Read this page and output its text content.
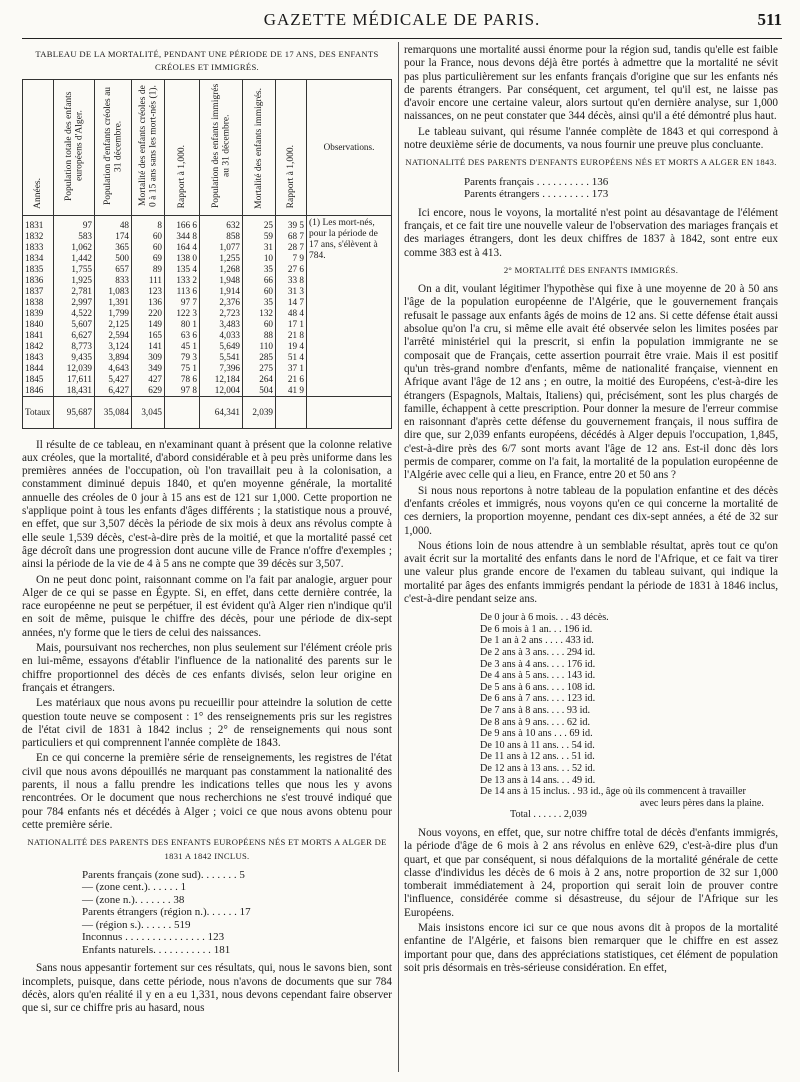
GAZETTE MÉDICALE DE PARIS.	511
TABLEAU DE LA MORTALITÉ, PENDANT UNE PÉRIODE DE 17 ANS, DES ENFANTS
CRÉOLES ET IMMIGRÉS.
Années.	Population totale des enfants européens d'Alger.	Population d'enfants créoles au 31 décembre.	Mortalité des enfants créoles de 0 à 15 ans sans les mort-nés (1).	Rapport à 1,000.	Population des enfants immigrés au 31 décembre.	Mortalité des enfants immigrés.	Rapport à 1,000.	Observations.
1831	97	48	8	166 6	632	25	39 5	(1) Les mort-nés, pour la période de 17 ans, s'élèvent à 784.
1832	583	174	60	344 8	858	59	68 7	
1833	1,062	365	60	164 4	1,077	31	28 7	
1834	1,442	500	69	138 0	1,255	10	7 9	
1835	1,755	657	89	135 4	1,268	35	27 6	
1836	1,925	833	111	133 2	1,948	66	33 8	
1837	2,781	1,083	123	113 6	1,914	60	31 3	
1838	2,997	1,391	136	97 7	2,376	35	14 7	
1839	4,522	1,799	220	122 3	2,723	132	48 4	
1840	5,607	2,125	149	80 1	3,483	60	17 1	
1841	6,627	2,594	165	63 6	4,033	88	21 8	
1842	8,773	3,124	141	45 1	5,649	110	19 4	
1843	9,435	3,894	309	79 3	5,541	285	51 4	
1844	12,039	4,643	349	75 1	7,396	275	37 1	
1845	17,611	5,427	427	78 6	12,184	264	21 6	
1846	18,431	6,427	629	97 8	12,004	504	41 9	
Totaux	95,687	35,084	3,045		64,341	2,039		

Il résulte de ce tableau, en n'examinant quant à présent que la colonne relative aux créoles, que la mortalité, d'abord considérable et à peu près uniforme dans les premières années de l'occupation, où l'on travaillait peu à la colonisation, a constamment diminué depuis 1840, et qu'en moyenne générale, la mortalité annuelle des créoles de 0 jour à 15 ans est de 121 sur 1,000. Cette proportion ne s'applique point à tous les enfants d'âges différents ; la statistique nous a prouvé, en effet, que sur 3,507 décès la période de six mois à deux ans révolus compte à elle seule 1,539 décès, c'est-à-dire près de la moitié, et que la mortalité passé cet âge décroît dans une progression dont aucune ville de France n'offre d'exemples ; ainsi la période de la vie de 4 à 5 ans ne compte que 39 décès sur 3,507.

On ne peut donc point, raisonnant comme on l'a fait par analogie, arguer pour Alger de ce qui se passe en Égypte. Si, en effet, dans cette dernière contrée, la race européenne ne peut se perpétuer, il est évident qu'à Alger rien n'indique qu'il en soit de même, puisque le chiffre des décès, pour une période de dix-sept années, n'y forme que le tiers de celui des naissances.

Mais, poursuivant nos recherches, non plus seulement sur l'élément créole pris en lui-même, essayons d'établir l'influence de la nationalité des parents sur le chiffre proportionnel des décès de ces enfants divisés, selon leur origine en français et étrangers.

Les matériaux que nous avons pu recueillir pour atteindre la solution de cette question toute neuve se composent : 1° des renseignements pris sur les registres de l'état civil de 1831 à 1842 inclus ; 2° de renseignements qui nous sont particuliers et qui comprennent l'année complète de 1843.

En ce qui concerne la première série de renseignements, les registres de l'état civil que nous avons dépouillés ne marquant pas constamment la nationalité des parents, il nous a fallu prendre les indications telles que nous les y avons rencontrées. Or le document que nous recherchions ne s'est trouvé indiqué que pour 784 enfants nés et décédés à Alger ; voici ce que nous avons obtenu pour cette première série.

NATIONALITÉ DES PARENTS DES ENFANTS EUROPÉENS NÉS ET MORTS A ALGER DE 1831 A 1842 INCLUS.

Parents français (zone sud). . . . . . . 5
— (zone cent.). . . . . . 1
— (zone n.). . . . . . . 38
Parents étrangers (région n.). . . . . . 17
— (région s.). . . . . . 519
Inconnus . . . . . . . . . . . . . . . 123
Enfants naturels. . . . . . . . . . . 181

Sans nous appesantir fortement sur ces résultats, qui, nous le savons bien, sont incomplets, puisque, dans cette période, nous n'avons de documents que sur 784 décès, alors qu'en réalité il y en a eu 1,331, nous devons cependant faire observer que si, sur ce chiffre pris au hasard, nous

remarquons une mortalité aussi énorme pour la région sud, tandis qu'elle est faible pour la France, nous devons déjà être portés à admettre que la mortalité ne sévit pas plus particulièrement sur les enfants français d'origine que sur les enfants nés de parents étrangers. Par conséquent, cet argument, tel qu'il est, ne laisse pas d'avoir encore une certaine valeur, alors surtout qu'en dernière analyse, sur 1,000 naissances, on ne peut constater que 344 décès, ainsi qu'il a été démontré plus haut.

Le tableau suivant, qui résume l'année complète de 1843 et qui correspond à notre deuxième série de documents, va nous fournir une preuve plus concluante.

NATIONALITÉ DES PARENTS D'ENFANTS EUROPÉENS NÉS ET MORTS A ALGER EN 1843.

Parents français . . . . . . . . . . 136
Parents étrangers . . . . . . . . . 173

Ici encore, nous le voyons, la mortalité n'est point au désavantage de l'élément français, et ce fait tire une nouvelle valeur de l'observation des mariages français et des mariages étrangers, dont les deux chiffres de 1837 à 1842, sont entre eux comme 383 est à 413.

2° MORTALITÉ DES ENFANTS IMMIGRÉS.

On a dit, voulant légitimer l'hypothèse qui fixe à une moyenne de 20 à 50 ans l'âge de la population européenne de l'Algérie, que le gouvernement français refusait le passage aux enfants âgés de moins de 12 ans. Si cette défense était aussi absolue qu'on l'a cru, si même elle avait été observée selon les limites posées par l'arrêté ministériel qui la prescrit, si enfin la population immigrante ne se composait que de Français, cette assertion pourrait être vraie. Mais il est positif qu'un très-grand nombre d'enfants, même de nationalité française, viennent en Afrique avant l'âge de 12 ans ; en outre, la moitié des Européens, c'est-à-dire les étrangers (Espagnols, Maltais, Italiens) qui, précisément, sont les plus chargés de famille, échappent à cette prescription. Pour donner la mesure de l'erreur commise en raisonnant d'après cette défense du gouvernement français, il nous suffira de dire que, sur 2,039 enfants européens, décédés à Alger depuis l'occupation, 1,845, c'est-à-dire près des 6/7 sont morts avant l'âge de 12 ans. Est-il donc dès lors permis de comparer, comme on l'a fait, la mortalité de la population européenne de l'Algérie avec celle qui a lieu, en France, entre 20 et 50 ans ?

Si nous nous reportons à notre tableau de la population enfantine et des décès d'enfants créoles et immigrés, nous voyons qu'en ce qui concerne la mortalité de ces derniers, la proportion moyenne, pendant ces dix-sept années, a été de 32 sur 1,000.

Nous étions loin de nous attendre à un semblable résultat, après tout ce qu'on avait écrit sur la mortalité des enfants dans le nord de l'Afrique, et ce fait va tirer une valeur plus grande encore de l'examen du tableau suivant, qui indique la mortalité par âges des enfants immigrés pendant la période de 1831 à 1846 inclus, c'est-à-dire pendant seize ans.

De 0 jour à 6 mois. . . 43 décès.
De 6 mois à 1 an. . . 196 id.
De 1 an à 2 ans . . . . 433 id.
De 2 ans à 3 ans. . . . 294 id.
De 3 ans à 4 ans. . . . 176 id.
De 4 ans à 5 ans. . . . 143 id.
De 5 ans à 6 ans. . . . 108 id.
De 6 ans à 7 ans. . . . 123 id.
De 7 ans à 8 ans. . . . 93 id.
De 8 ans à 9 ans. . . . 62 id.
De 9 ans à 10 ans . . . 69 id.
De 10 ans à 11 ans. . . 54 id.
De 11 ans à 12 ans. . . 51 id.
De 12 ans à 13 ans. . . 52 id.
De 13 ans à 14 ans. . . 49 id.
De 14 ans à 15 inclus. . 93 id., âge où ils commencent à travailler
avec leurs pères dans la plaine.
Total . . . . . . 2,039

Nous voyons, en effet, que, sur notre chiffre total de décès d'enfants immigrés, la période d'âge de 6 mois à 2 ans révolus en enlève 629, c'est-à-dire plus d'un quart, et que par conséquent, si nous défalquions de la mortalité générale de cette classe d'individus les décès de 6 mois à 2 ans, notre proportion de 32 sur 1,000 tomberait immédiatement à 24, proportion qui serait loin de prouver contre l'influence, considérée comme si désastreuse, du séjour de l'Afrique sur les Européens.

Mais insistons encore ici sur ce que nous avons dit à propos de la mortalité enfantine de l'Algérie, et faisons bien remarquer que le chiffre en est assez important pour que, dans des appréciations statistiques, cet élément de population soit pris désormais en très-sérieuse considération. En effet,
